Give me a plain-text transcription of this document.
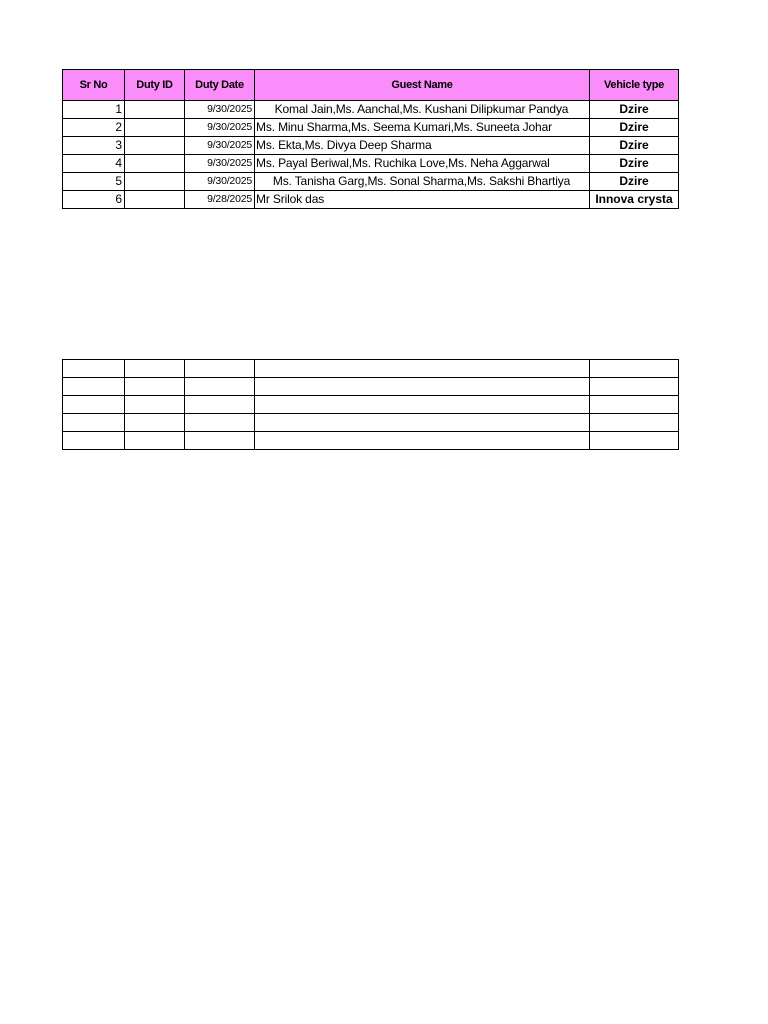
Sr No	Duty ID	Duty Date	Guest Name	Vehicle type
1		9/30/2025	Komal Jain,Ms. Aanchal,Ms. Kushani Dilipkumar Pandya	Dzire
2		9/30/2025	Ms. Minu Sharma,Ms. Seema Kumari,Ms. Suneeta Johar	Dzire
3		9/30/2025	Ms. Ekta,Ms. Divya Deep Sharma	Dzire
4		9/30/2025	Ms. Payal Beriwal,Ms. Ruchika Love,Ms. Neha Aggarwal	Dzire
5		9/30/2025	Ms. Tanisha Garg,Ms. Sonal Sharma,Ms. Sakshi Bhartiya	Dzire
6		9/28/2025	Mr Srilok das	Innova crysta
